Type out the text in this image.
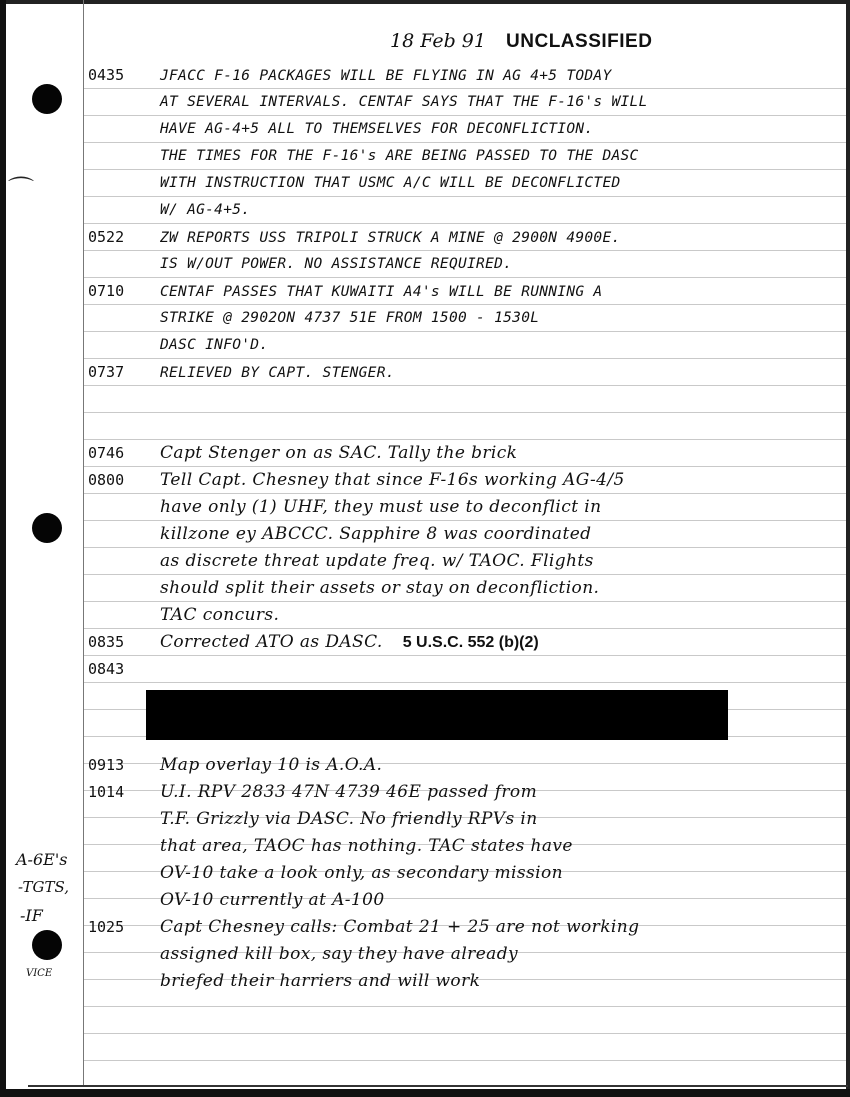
⌒
18 Feb 91 UNCLASSIFIED
0435 JFACC F-16 PACKAGES WILL BE FLYING IN AG 4+5 TODAY
AT SEVERAL INTERVALS. CENTAF SAYS THAT THE F-16's WILL
HAVE AG-4+5 ALL TO THEMSELVES FOR DECONFLICTION.
THE TIMES FOR THE F-16's ARE BEING PASSED TO THE DASC
WITH INSTRUCTION THAT USMC A/C WILL BE DECONFLICTED
W/ AG-4+5.
0522 ZW REPORTS USS TRIPOLI STRUCK A MINE @ 2900N 4900E.
IS W/OUT POWER. NO ASSISTANCE REQUIRED.
0710 CENTAF PASSES THAT KUWAITI A4's WILL BE RUNNING A
STRIKE @ 2902ON 4737 51E FROM 1500 - 1530L
DASC INFO'D.
0737 RELIEVED BY CAPT. STENGER.
0746 Capt Stenger on as SAC. Tally the brick
0800 Tell Capt. Chesney that since F-16s working AG-4/5
have only (1) UHF, they must use to deconflict in
killzone ey ABCCC. Sapphire 8 was coordinated
as discrete threat update freq. w/ TAOC. Flights
should split their assets or stay on deconfliction.
TAC concurs.
0835 Corrected ATO as DASC. 5 U.S.C. 552 (b)(2)
0843
0913 Map overlay 10 is A.O.A.
1014 U.I. RPV 2833 47N 4739 46E passed from
T.F. Grizzly via DASC. No friendly RPVs in
that area, TAOC has nothing. TAC states have
OV-10 take a look only, as secondary mission
OV-10 currently at A-100
1025 Capt Chesney calls: Combat 21 + 25 are not working
assigned kill box, say they have already
briefed their harriers and will work
A-6E's
-TGTS,
-IF
VICE
